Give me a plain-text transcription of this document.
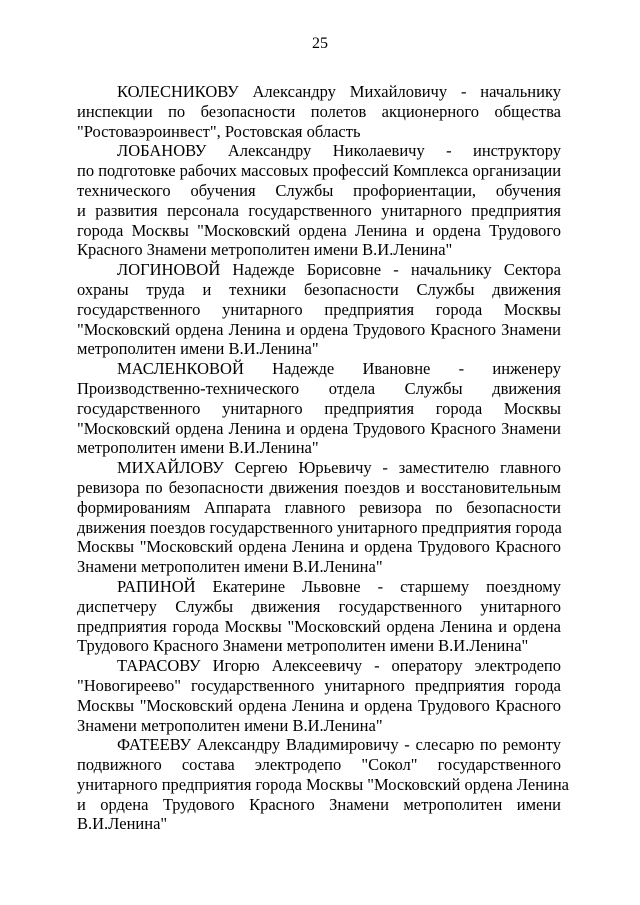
25
КОЛЕСНИКОВУ Александру Михайловичу - начальнику
инспекции по безопасности полетов акционерного общества
"Ростоваэроинвест", Ростовская область
ЛОБАНОВУ Александру Николаевичу - инструктору
по подготовке рабочих массовых профессий Комплекса организации
технического обучения Службы профориентации, обучения
и развития персонала государственного унитарного предприятия
города Москвы "Московский ордена Ленина и ордена Трудового
Красного Знамени метрополитен имени В.И.Ленина"
ЛОГИНОВОЙ Надежде Борисовне - начальнику Сектора
охраны труда и техники безопасности Службы движения
государственного унитарного предприятия города Москвы
"Московский ордена Ленина и ордена Трудового Красного Знамени
метрополитен имени В.И.Ленина"
МАСЛЕНКОВОЙ Надежде Ивановне - инженеру
Производственно-технического отдела Службы движения
государственного унитарного предприятия города Москвы
"Московский ордена Ленина и ордена Трудового Красного Знамени
метрополитен имени В.И.Ленина"
МИХАЙЛОВУ Сергею Юрьевичу - заместителю главного
ревизора по безопасности движения поездов и восстановительным
формированиям Аппарата главного ревизора по безопасности
движения поездов государственного унитарного предприятия города
Москвы "Московский ордена Ленина и ордена Трудового Красного
Знамени метрополитен имени В.И.Ленина"
РАПИНОЙ Екатерине Львовне - старшему поездному
диспетчеру Службы движения государственного унитарного
предприятия города Москвы "Московский ордена Ленина и ордена
Трудового Красного Знамени метрополитен имени В.И.Ленина"
ТАРАСОВУ Игорю Алексеевичу - оператору электродепо
"Новогиреево" государственного унитарного предприятия города
Москвы "Московский ордена Ленина и ордена Трудового Красного
Знамени метрополитен имени В.И.Ленина"
ФАТЕЕВУ Александру Владимировичу - слесарю по ремонту
подвижного состава электродепо "Сокол" государственного
унитарного предприятия города Москвы "Московский ордена Ленина
и ордена Трудового Красного Знамени метрополитен имени
В.И.Ленина"
